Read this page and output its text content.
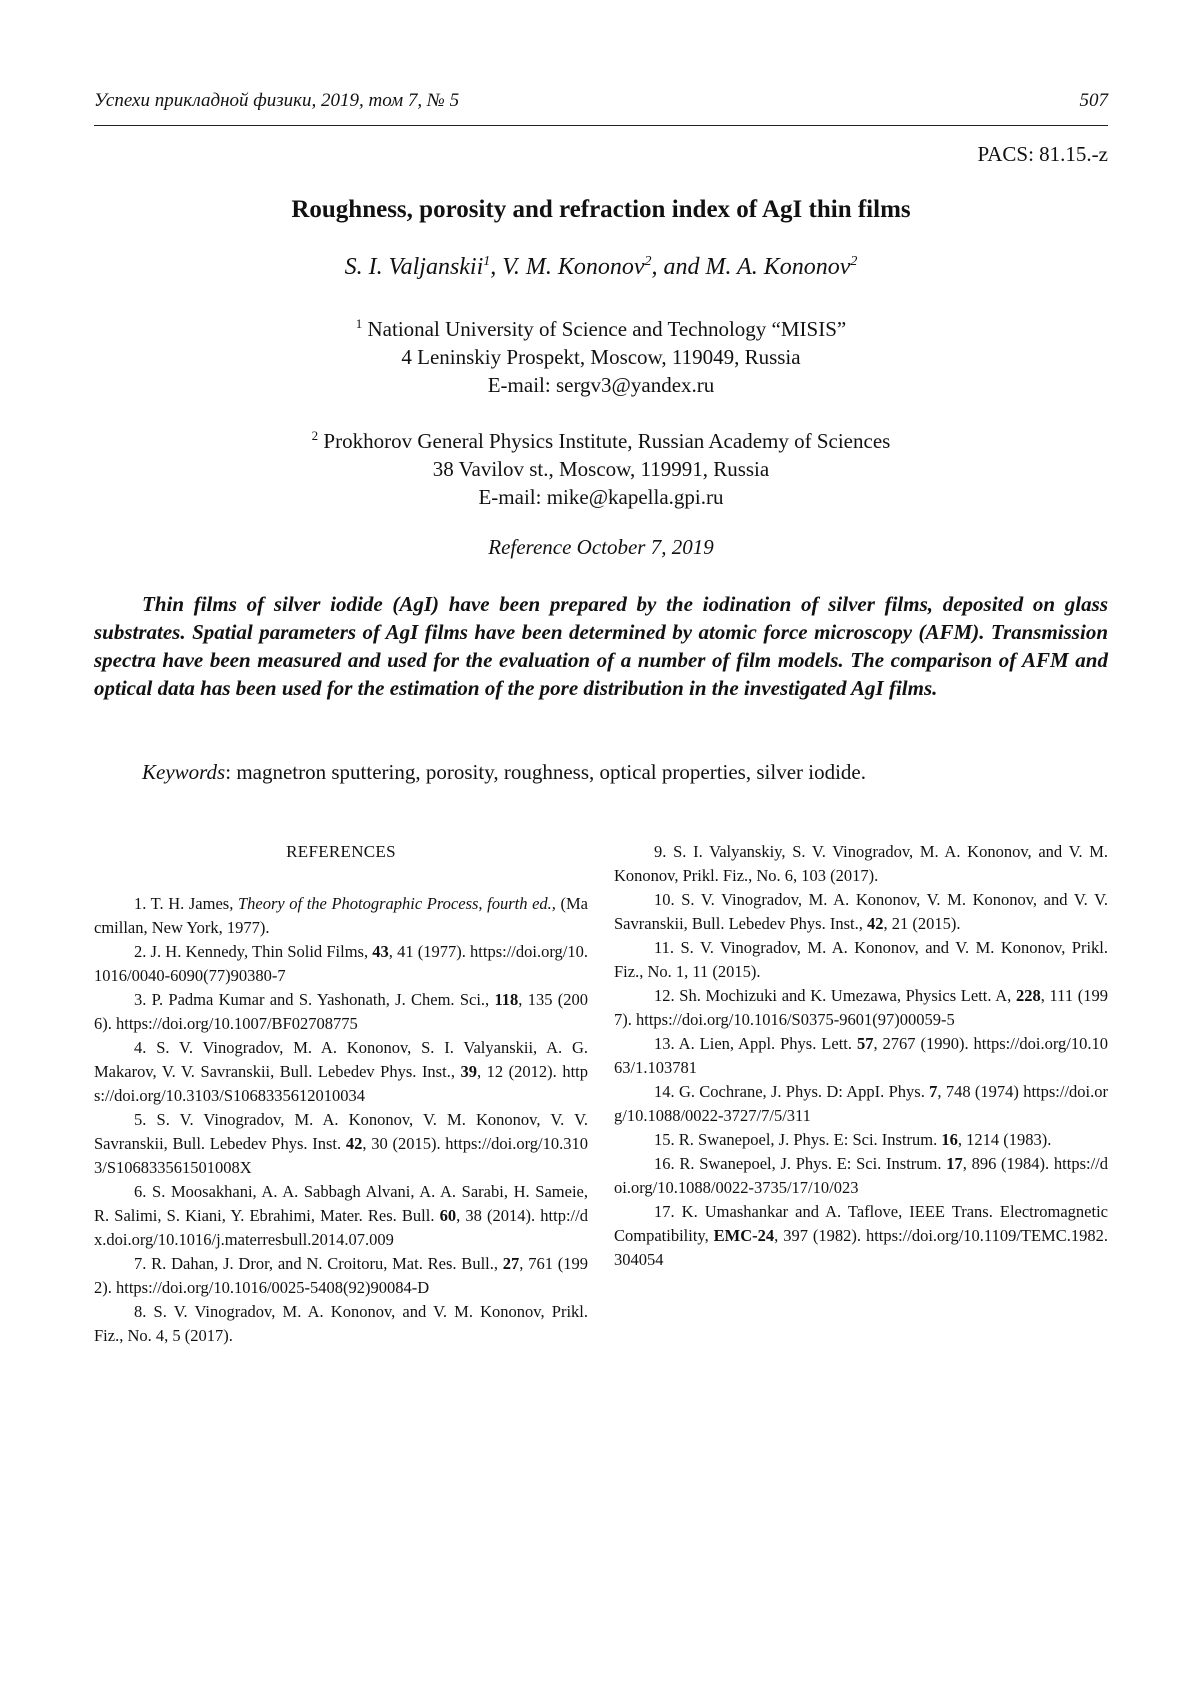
Успехи прикладной физики, 2019, том 7, № 5	507
PACS: 81.15.-z
Roughness, porosity and refraction index of AgI thin films
S. I. Valjanskii1, V. M. Kononov2, and M. A. Kononov2
1 National University of Science and Technology “MISIS”
4 Leninskiy Prospekt, Moscow, 119049, Russia
E-mail: sergv3@yandex.ru
2 Prokhorov General Physics Institute, Russian Academy of Sciences
38 Vavilov st., Moscow, 119991, Russia
E-mail: mike@kapella.gpi.ru
Reference October 7, 2019

Thin films of silver iodide (AgI) have been prepared by the iodination of silver films, deposited on glass substrates. Spatial parameters of AgI films have been determined by atomic force microscopy (AFM). Transmission spectra have been measured and used for the evaluation of a number of film models. The comparison of AFM and optical data has been used for the estimation of the pore distribution in the investigated AgI films.

Keywords: magnetron sputtering, porosity, roughness, optical properties, silver iodide.

REFERENCES

1. T. H. James, Theory of the Photographic Process, fourth ed., (Macmillan, New York, 1977).

2. J. H. Kennedy, Thin Solid Films, 43, 41 (1977). https://doi.org/10.1016/0040-6090(77)90380-7

3. P. Padma Kumar and S. Yashonath, J. Chem. Sci., 118, 135 (2006). https://doi.org/10.1007/BF02708775

4. S. V. Vinogradov, M. A. Kononov, S. I. Valyanskii, A. G. Makarov, V. V. Savranskii, Bull. Lebedev Phys. Inst., 39, 12 (2012). https://doi.org/10.3103/S1068335612010034

5. S. V. Vinogradov, M. A. Kononov, V. M. Kononov, V. V. Savranskii, Bull. Lebedev Phys. Inst. 42, 30 (2015). https://doi.org/10.3103/S106833561501008X

6. S. Moosakhani, A. A. Sabbagh Alvani, A. A. Sarabi, H. Sameie, R. Salimi, S. Kiani, Y. Ebrahimi, Mater. Res. Bull. 60, 38 (2014). http://dx.doi.org/10.1016/j.materresbull.2014.07.009

7. R. Dahan, J. Dror, and N. Croitoru, Mat. Res. Bull., 27, 761 (1992). https://doi.org/10.1016/0025-5408(92)90084-D

8. S. V. Vinogradov, M. A. Kononov, and V. M. Kononov, Prikl. Fiz., No. 4, 5 (2017).

9. S. I. Valyanskiy, S. V. Vinogradov, M. A. Kononov, and V. M. Kononov, Prikl. Fiz., No. 6, 103 (2017).

10. S. V. Vinogradov, M. A. Kononov, V. M. Kononov, and V. V. Savranskii, Bull. Lebedev Phys. Inst., 42, 21 (2015).

11. S. V. Vinogradov, M. A. Kononov, and V. M. Kononov, Prikl. Fiz., No. 1, 11 (2015).

12. Sh. Mochizuki and K. Umezawa, Physics Lett. A, 228, 111 (1997). https://doi.org/10.1016/S0375-9601(97)00059-5

13. A. Lien, Appl. Phys. Lett. 57, 2767 (1990). https://doi.org/10.1063/1.103781

14. G. Cochrane, J. Phys. D: AppI. Phys. 7, 748 (1974) https://doi.org/10.1088/0022-3727/7/5/311

15. R. Swanepoel, J. Phys. E: Sci. Instrum. 16, 1214 (1983).

16. R. Swanepoel, J. Phys. E: Sci. Instrum. 17, 896 (1984). https://doi.org/10.1088/0022-3735/17/10/023

17. K. Umashankar and A. Taflove, IEEE Trans. Electromagnetic Compatibility, EMC-24, 397 (1982). https://doi.org/10.1109/TEMC.1982.304054
